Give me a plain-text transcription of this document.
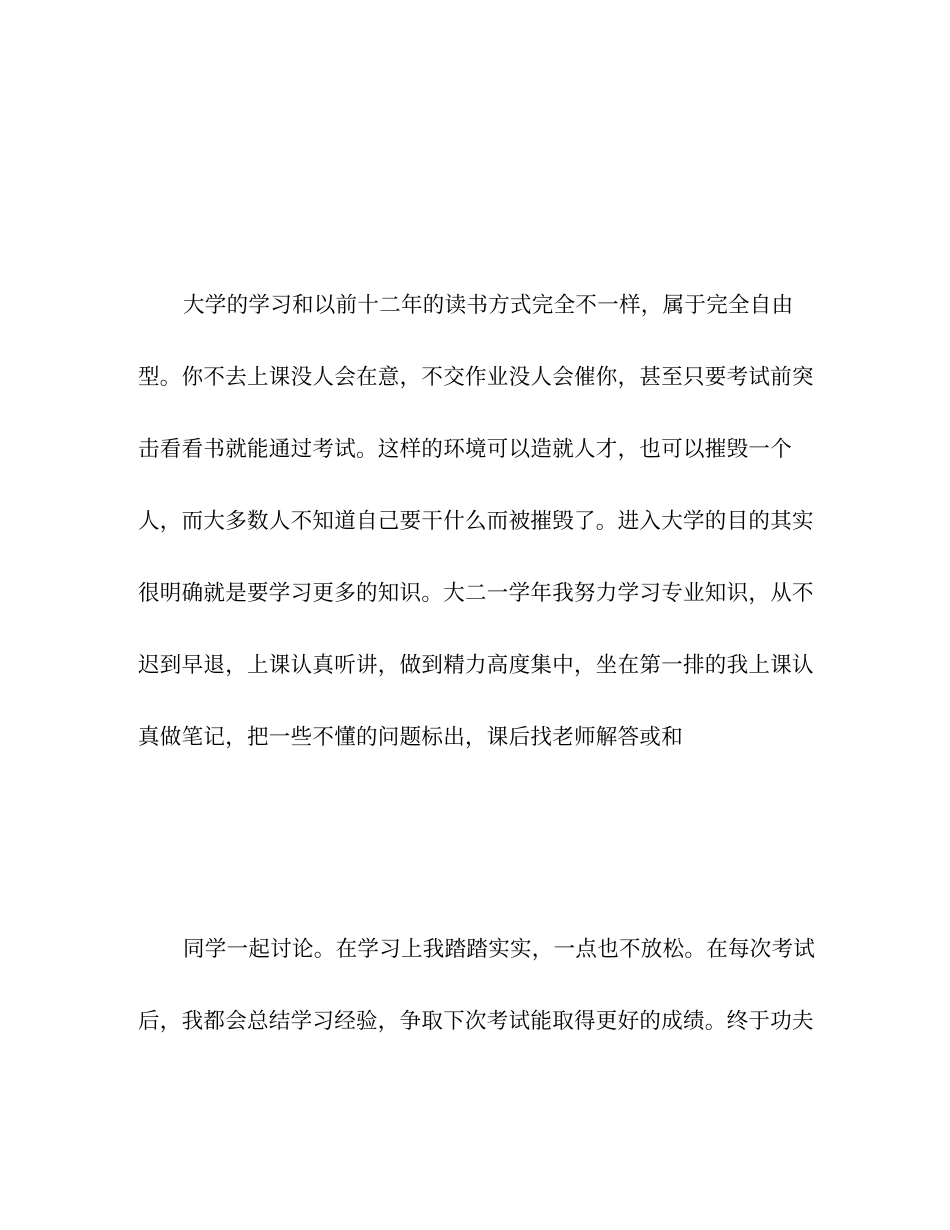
大学的学习和以前十二年的读书方式完全不一样，属于完全自由
型。你不去上课没人会在意，不交作业没人会催你，甚至只要考试前突
击看看书就能通过考试。这样的环境可以造就人才，也可以摧毁一个
人，而大多数人不知道自己要干什么而被摧毁了。进入大学的目的其实
很明确就是要学习更多的知识。大二一学年我努力学习专业知识，从不
迟到早退，上课认真听讲，做到精力高度集中，坐在第一排的我上课认
真做笔记，把一些不懂的问题标出，课后找老师解答或和
同学一起讨论。在学习上我踏踏实实，一点也不放松。在每次考试
后，我都会总结学习经验，争取下次考试能取得更好的成绩。终于功夫
